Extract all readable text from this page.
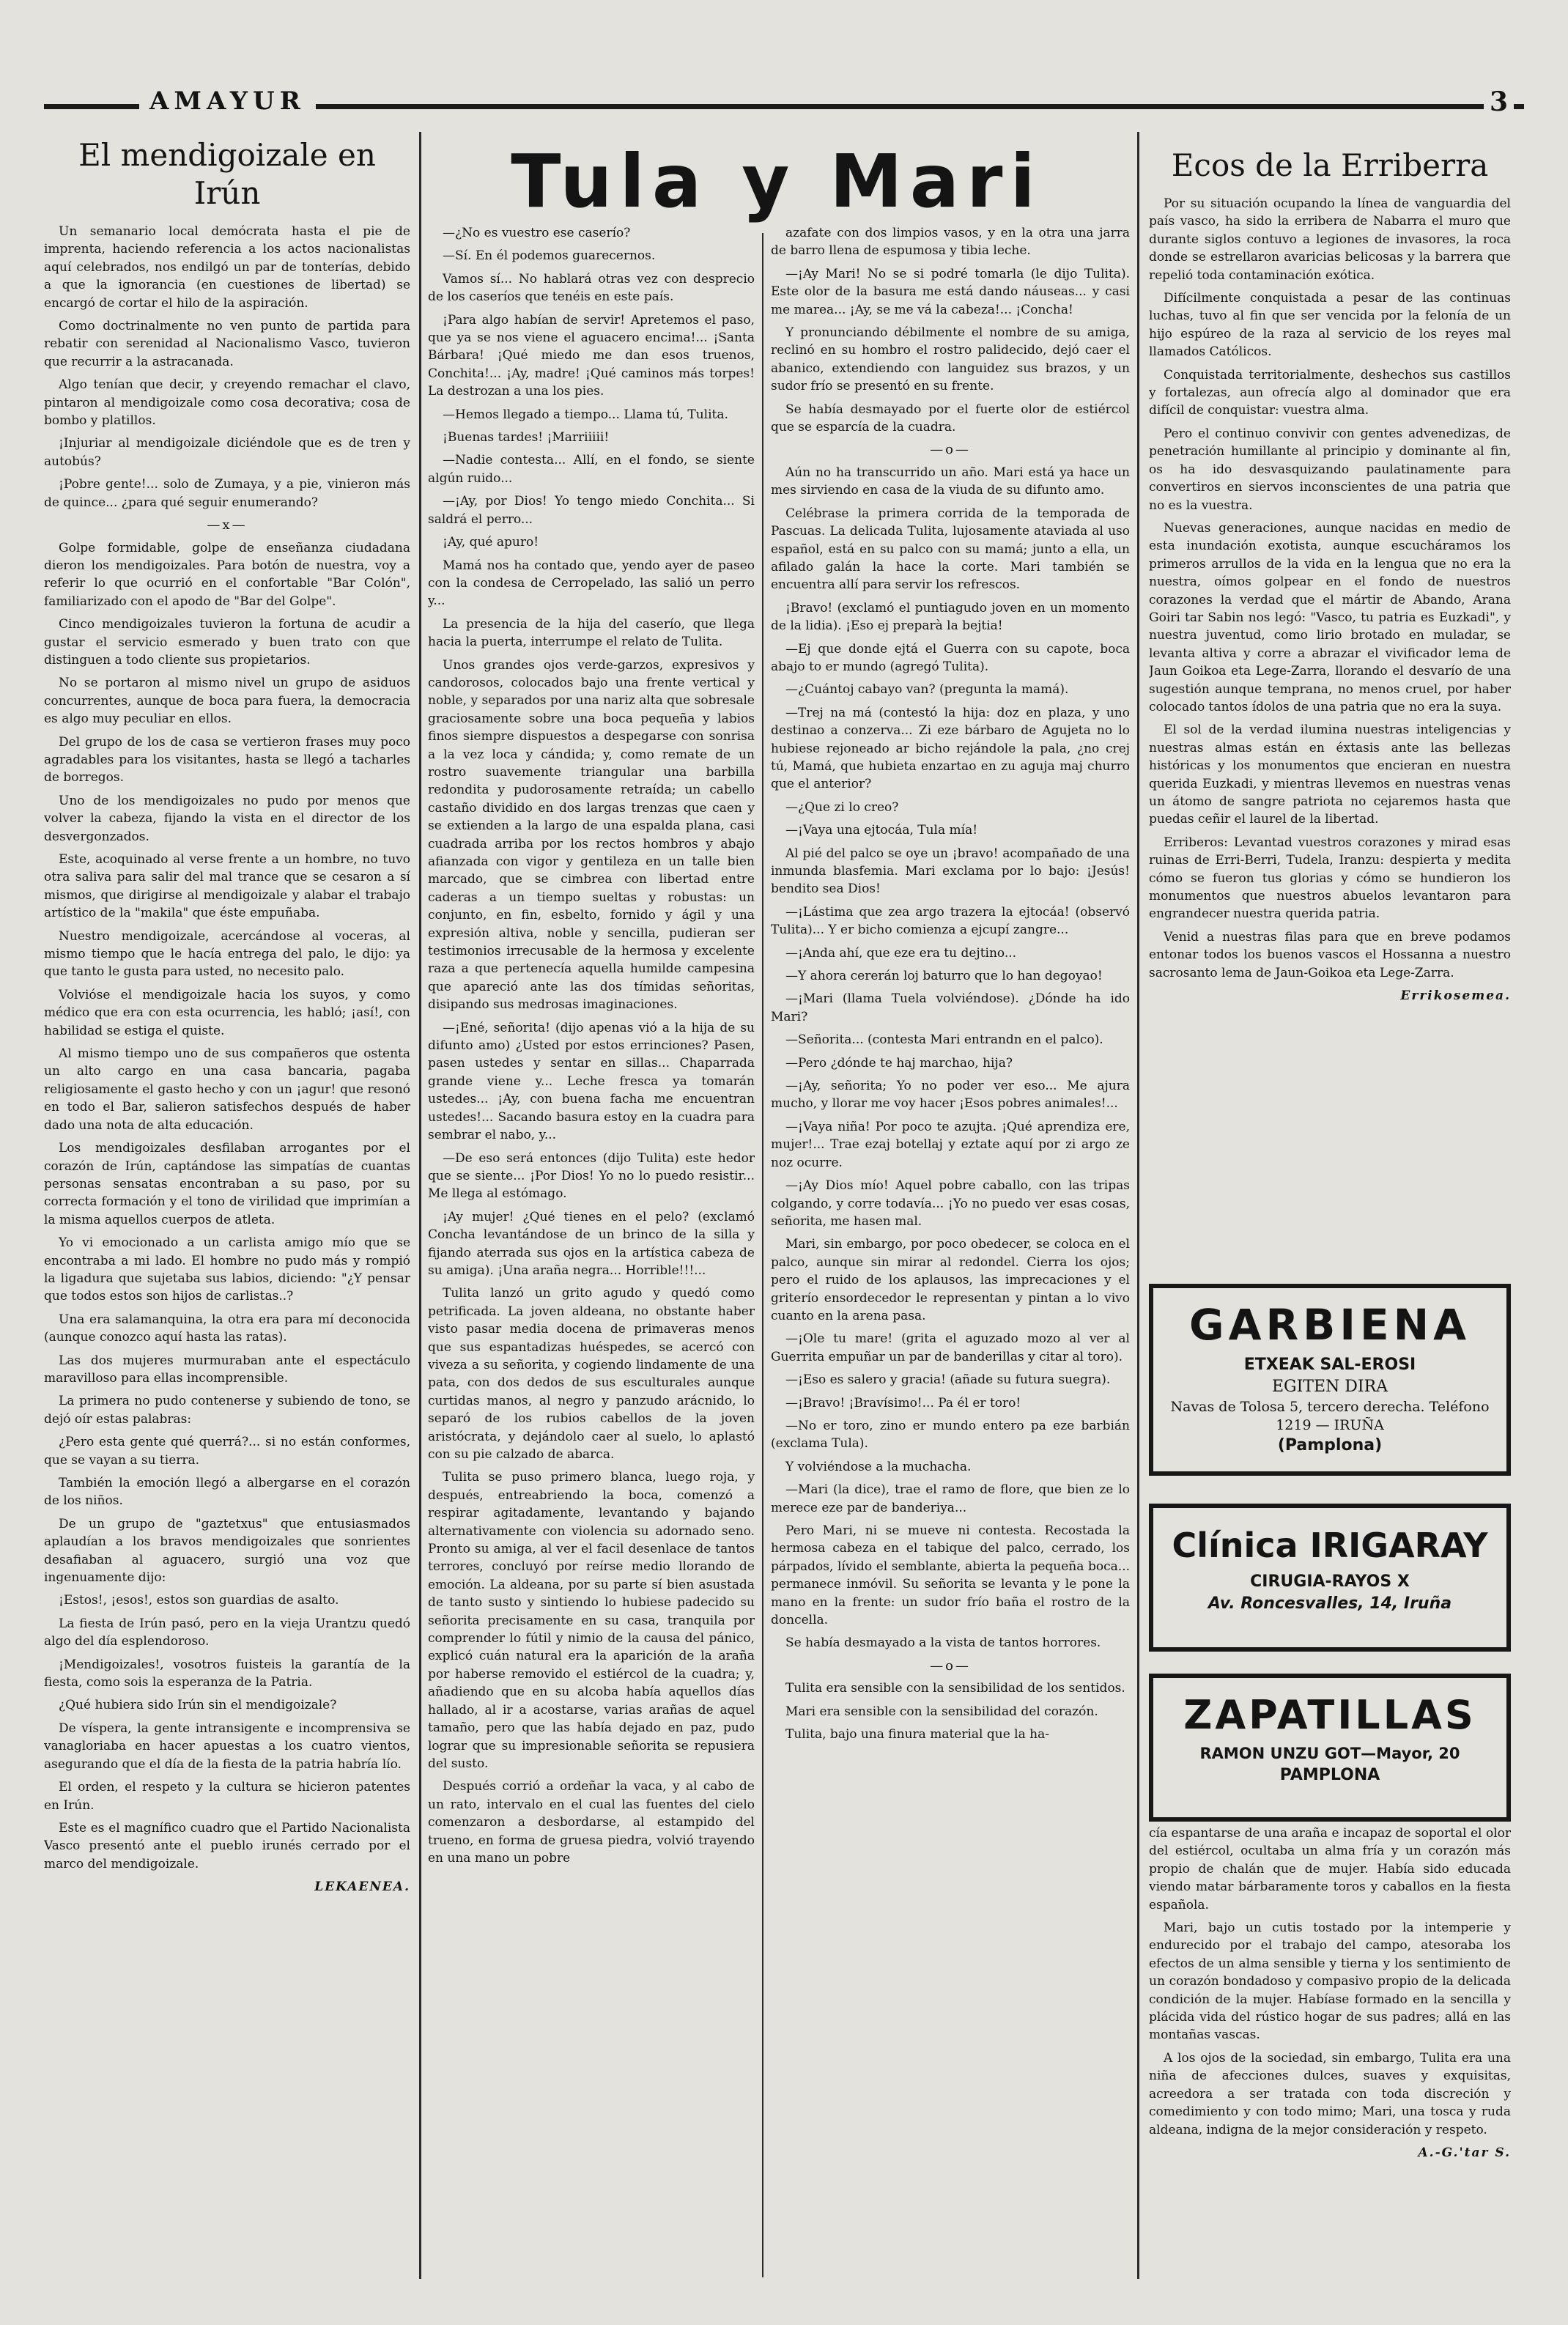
AMAYUR	3
El mendigoizale en Irún

Un semanario local demócrata hasta el pie de imprenta, haciendo referencia a los actos nacionalistas aquí celebrados, nos endilgó un par de tonterías, debido a que la ignorancia (en cuestiones de libertad) se encargó de cortar el hilo de la aspiración.

Como doctrinalmente no ven punto de partida para rebatir con serenidad al Nacionalismo Vasco, tuvieron que recurrir a la astracanada.

Algo tenían que decir, y creyendo remachar el clavo, pintaron al mendigoizale como cosa decorativa; cosa de bombo y platillos.

¡Injuriar al mendigoizale diciéndole que es de tren y autobús?

¡Pobre gente!... solo de Zumaya, y a pie, vinieron más de quince... ¿para qué seguir enumerando?

—x—

Golpe formidable, golpe de enseñanza ciudadana dieron los mendigoizales. Para botón de nuestra, voy a referir lo que ocurrió en el confortable "Bar Colón", familiarizado con el apodo de "Bar del Golpe".

Cinco mendigoizales tuvieron la fortuna de acudir a gustar el servicio esmerado y buen trato con que distinguen a todo cliente sus propietarios.

No se portaron al mismo nivel un grupo de asiduos concurrentes, aunque de boca para fuera, la democracia es algo muy peculiar en ellos.

Del grupo de los de casa se vertieron frases muy poco agradables para los visitantes, hasta se llegó a tacharles de borregos.

Uno de los mendigoizales no pudo por menos que volver la cabeza, fijando la vista en el director de los desvergonzados.

Este, acoquinado al verse frente a un hombre, no tuvo otra saliva para salir del mal trance que se cesaron a sí mismos, que dirigirse al mendigoizale y alabar el trabajo artístico de la "makila" que éste empuñaba.

Nuestro mendigoizale, acercándose al voceras, al mismo tiempo que le hacía entrega del palo, le dijo: ya que tanto le gusta para usted, no necesito palo.

Volvióse el mendigoizale hacia los suyos, y como médico que era con esta ocurrencia, les habló; ¡así!, con habilidad se estiga el quiste.

Al mismo tiempo uno de sus compañeros que ostenta un alto cargo en una casa bancaria, pagaba religiosamente el gasto hecho y con un ¡agur! que resonó en todo el Bar, salieron satisfechos después de haber dado una nota de alta educación.

Los mendigoizales desfilaban arrogantes por el corazón de Irún, captándose las simpatías de cuantas personas sensatas encontraban a su paso, por su correcta formación y el tono de virilidad que imprimían a la misma aquellos cuerpos de atleta.

Yo vi emocionado a un carlista amigo mío que se encontraba a mi lado. El hombre no pudo más y rompió la ligadura que sujetaba sus labios, diciendo: "¿Y pensar que todos estos son hijos de carlistas..?

Una era salamanquina, la otra era para mí deconocida (aunque conozco aquí hasta las ratas).

Las dos mujeres murmuraban ante el espectáculo maravilloso para ellas incomprensible.

La primera no pudo contenerse y subiendo de tono, se dejó oír estas palabras:

¿Pero esta gente qué querrá?... si no están conformes, que se vayan a su tierra.

También la emoción llegó a albergarse en el corazón de los niños.

De un grupo de "gaztetxus" que entusiasmados aplaudían a los bravos mendigoizales que sonrientes desafiaban al aguacero, surgió una voz que ingenuamente dijo:

¡Estos!, ¡esos!, estos son guardias de asalto.

La fiesta de Irún pasó, pero en la vieja Urantzu quedó algo del día esplendoroso.

¡Mendigoizales!, vosotros fuisteis la garantía de la fiesta, como sois la esperanza de la Patria.

¿Qué hubiera sido Irún sin el mendigoizale?

De víspera, la gente intransigente e incomprensiva se vanagloriaba en hacer apuestas a los cuatro vientos, asegurando que el día de la fiesta de la patria habría lío.

El orden, el respeto y la cultura se hicieron patentes en Irún.

Este es el magnífico cuadro que el Partido Nacionalista Vasco presentó ante el pueblo irunés cerrado por el marco del mendigoizale.

LEKAENEA.

Tula y Mari

—¿No es vuestro ese caserío?

—Sí. En él podemos guarecernos.

Vamos sí... No hablará otras vez con desprecio de los caseríos que tenéis en este país.

¡Para algo habían de servir! Apretemos el paso, que ya se nos viene el aguacero encima!... ¡Santa Bárbara! ¡Qué miedo me dan esos truenos, Conchita!... ¡Ay, madre! ¡Qué caminos más torpes! La destrozan a una los pies.

—Hemos llegado a tiempo... Llama tú, Tulita.

¡Buenas tardes! ¡Marriiiii!

—Nadie contesta... Allí, en el fondo, se siente algún ruido...

—¡Ay, por Dios! Yo tengo miedo Conchita... Si saldrá el perro...

¡Ay, qué apuro!

Mamá nos ha contado que, yendo ayer de paseo con la condesa de Cerropelado, las salió un perro y...

La presencia de la hija del caserío, que llega hacia la puerta, interrumpe el relato de Tulita.

Unos grandes ojos verde-garzos, expresivos y candorosos, colocados bajo una frente vertical y noble, y separados por una nariz alta que sobresale graciosamente sobre una boca pequeña y labios finos siempre dispuestos a despegarse con sonrisa a la vez loca y cándida; y, como remate de un rostro suavemente triangular una barbilla redondita y pudorosamente retraída; un cabello castaño dividido en dos largas trenzas que caen y se extienden a la largo de una espalda plana, casi cuadrada arriba por los rectos hombros y abajo afianzada con vigor y gentileza en un talle bien marcado, que se cimbrea con libertad entre caderas a un tiempo sueltas y robustas: un conjunto, en fin, esbelto, fornido y ágil y una expresión altiva, noble y sencilla, pudieran ser testimonios irrecusable de la hermosa y excelente raza a que pertenecía aquella humilde campesina que apareció ante las dos tímidas señoritas, disipando sus medrosas imaginaciones.

—¡Ené, señorita! (dijo apenas vió a la hija de su difunto amo) ¿Usted por estos errinciones? Pasen, pasen ustedes y sentar en sillas... Chaparrada grande viene y... Leche fresca ya tomarán ustedes... ¡Ay, con buena facha me encuentran ustedes!... Sacando basura estoy en la cuadra para sembrar el nabo, y...

—De eso será entonces (dijo Tulita) este hedor que se siente... ¡Por Dios! Yo no lo puedo resistir... Me llega al estómago.

¡Ay mujer! ¿Qué tienes en el pelo? (exclamó Concha levantándose de un brinco de la silla y fijando aterrada sus ojos en la artística cabeza de su amiga). ¡Una araña negra... Horrible!!!...

Tulita lanzó un grito agudo y quedó como petrificada. La joven aldeana, no obstante haber visto pasar media docena de primaveras menos que sus espantadizas huéspedes, se acercó con viveza a su señorita, y cogiendo lindamente de una pata, con dos dedos de sus esculturales aunque curtidas manos, al negro y panzudo arácnido, lo separó de los rubios cabellos de la joven aristócrata, y dejándolo caer al suelo, lo aplastó con su pie calzado de abarca.

Tulita se puso primero blanca, luego roja, y después, entreabriendo la boca, comenzó a respirar agitadamente, levantando y bajando alternativamente con violencia su adornado seno. Pronto su amiga, al ver el facil desenlace de tantos terrores, concluyó por reírse medio llorando de emoción. La aldeana, por su parte sí bien asustada de tanto susto y sintiendo lo hubiese padecido su señorita precisamente en su casa, tranquila por comprender lo fútil y nimio de la causa del pánico, explicó cuán natural era la aparición de la araña por haberse removido el estiércol de la cuadra; y, añadiendo que en su alcoba había aquellos días hallado, al ir a acostarse, varias arañas de aquel tamaño, pero que las había dejado en paz, pudo lograr que su impresionable señorita se repusiera del susto.

Después corrió a ordeñar la vaca, y al cabo de un rato, intervalo en el cual las fuentes del cielo comenzaron a desbordarse, al estampido del trueno, en forma de gruesa piedra, volvió trayendo en una mano un pobre

azafate con dos limpios vasos, y en la otra una jarra de barro llena de espumosa y tibia leche.

—¡Ay Mari! No se si podré tomarla (le dijo Tulita). Este olor de la basura me está dando náuseas... y casi me marea... ¡Ay, se me vá la cabeza!... ¡Concha!

Y pronunciando débilmente el nombre de su amiga, reclinó en su hombro el rostro palidecido, dejó caer el abanico, extendiendo con languidez sus brazos, y un sudor frío se presentó en su frente.

Se había desmayado por el fuerte olor de estiércol que se esparcía de la cuadra.

—o—

Aún no ha transcurrido un año. Mari está ya hace un mes sirviendo en casa de la viuda de su difunto amo.

Celébrase la primera corrida de la temporada de Pascuas. La delicada Tulita, lujosamente ataviada al uso español, está en su palco con su mamá; junto a ella, un afilado galán la hace la corte. Mari también se encuentra allí para servir los refrescos.

¡Bravo! (exclamó el puntiagudo joven en un momento de la lidia). ¡Eso ej preparà la bejtia!

—Ej que donde ejtá el Guerra con su capote, boca abajo to er mundo (agregó Tulita).

—¿Cuántoj cabayo van? (pregunta la mamá).

—Trej na má (contestó la hija: doz en plaza, y uno destinao a conzerva... Zi eze bárbaro de Agujeta no lo hubiese rejoneado ar bicho rejándole la pala, ¿no crej tú, Mamá, que hubieta enzartao en zu aguja maj churro que el anterior?

—¿Que zi lo creo?

—¡Vaya una ejtocáa, Tula mía!

Al pié del palco se oye un ¡bravo! acompañado de una inmunda blasfemia. Mari exclama por lo bajo: ¡Jesús! bendito sea Dios!

—¡Lástima que zea argo trazera la ejtocáa! (observó Tulita)... Y er bicho comienza a ejcupí zangre...

—¡Anda ahí, que eze era tu dejtino...

—Y ahora cererán loj baturro que lo han degoyao!

—¡Mari (llama Tuela volviéndose). ¿Dónde ha ido Mari?

—Señorita... (contesta Mari entrandn en el palco).

—Pero ¿dónde te haj marchao, hija?

—¡Ay, señorita; Yo no poder ver eso... Me ajura mucho, y llorar me voy hacer ¡Esos pobres animales!...

—¡Vaya niña! Por poco te azujta. ¡Qué aprendiza ere, mujer!... Trae ezaj botellaj y eztate aquí por zi argo ze noz ocurre.

—¡Ay Dios mío! Aquel pobre caballo, con las tripas colgando, y corre todavía... ¡Yo no puedo ver esas cosas, señorita, me hasen mal.

Mari, sin embargo, por poco obedecer, se coloca en el palco, aunque sin mirar al redondel. Cierra los ojos; pero el ruido de los aplausos, las imprecaciones y el griterío ensordecedor le representan y pintan a lo vivo cuanto en la arena pasa.

—¡Ole tu mare! (grita el aguzado mozo al ver al Guerrita empuñar un par de banderillas y citar al toro).

—¡Eso es salero y gracia! (añade su futura suegra).

—¡Bravo! ¡Bravísimo!... Pa él er toro!

—No er toro, zino er mundo entero pa eze barbián (exclama Tula).

Y volviéndose a la muchacha.

—Mari (la dice), trae el ramo de flore, que bien ze lo merece eze par de banderiya...

Pero Mari, ni se mueve ni contesta. Recostada la hermosa cabeza en el tabique del palco, cerrado, los párpados, lívido el semblante, abierta la pequeña boca... permanece inmóvil. Su señorita se levanta y le pone la mano en la frente: un sudor frío baña el rostro de la doncella.

Se había desmayado a la vista de tantos horrores.

—o—

Tulita era sensible con la sensibilidad de los sentidos.

Mari era sensible con la sensibilidad del corazón.

Tulita, bajo una finura material que la ha-

Ecos de la Erriberra

Por su situación ocupando la línea de vanguardia del país vasco, ha sido la erribera de Nabarra el muro que durante siglos contuvo a legiones de invasores, la roca donde se estrellaron avaricias belicosas y la barrera que repelió toda contaminación exótica.

Difícilmente conquistada a pesar de las continuas luchas, tuvo al fin que ser vencida por la felonía de un hijo espúreo de la raza al servicio de los reyes mal llamados Católicos.

Conquistada territorialmente, deshechos sus castillos y fortalezas, aun ofrecía algo al dominador que era difícil de conquistar: vuestra alma.

Pero el continuo convivir con gentes advenedizas, de penetración humillante al principio y dominante al fin, os ha ido desvasquizando paulatinamente para convertiros en siervos inconscientes de una patria que no es la vuestra.

Nuevas generaciones, aunque nacidas en medio de esta inundación exotista, aunque escucháramos los primeros arrullos de la vida en la lengua que no era la nuestra, oímos golpear en el fondo de nuestros corazones la verdad que el mártir de Abando, Arana Goiri tar Sabin nos legó: "Vasco, tu patria es Euzkadi", y nuestra juventud, como lirio brotado en muladar, se levanta altiva y corre a abrazar el vivificador lema de Jaun Goikoa eta Lege-Zarra, llorando el desvarío de una sugestión aunque temprana, no menos cruel, por haber colocado tantos ídolos de una patria que no era la suya.

El sol de la verdad ilumina nuestras inteligencias y nuestras almas están en éxtasis ante las bellezas históricas y los monumentos que encieran en nuestra querida Euzkadi, y mientras llevemos en nuestras venas un átomo de sangre patriota no cejaremos hasta que puedas ceñir el laurel de la libertad.

Erriberos: Levantad vuestros corazones y mirad esas ruinas de Erri-Berri, Tudela, Iranzu: despierta y medita cómo se fueron tus glorias y cómo se hundieron los monumentos que nuestros abuelos levantaron para engrandecer nuestra querida patria.

Venid a nuestras filas para que en breve podamos entonar todos los buenos vascos el Hossanna a nuestro sacrosanto lema de Jaun-Goikoa eta Lege-Zarra.

Errikosemea.

GARBIENA
ETXEAK SAL-EROSI
EGITEN DIRA
Navas de Tolosa 5, tercero derecha. Teléfono 1219 — IRUÑA
(Pamplona)
Clínica IRIGARAY
CIRUGIA-RAYOS X
Av. Roncesvalles, 14, Iruña
ZAPATILLAS
RAMON UNZU GOT—Mayor, 20
PAMPLONA

cía espantarse de una araña e incapaz de soportal el olor del estiércol, ocultaba un alma fría y un corazón más propio de chalán que de mujer. Había sido educada viendo matar bárbaramente toros y caballos en la fiesta española.

Mari, bajo un cutis tostado por la intemperie y endurecido por el trabajo del campo, atesoraba los efectos de un alma sensible y tierna y los sentimiento de un corazón bondadoso y compasivo propio de la delicada condición de la mujer. Habíase formado en la sencilla y plácida vida del rústico hogar de sus padres; allá en las montañas vascas.

A los ojos de la sociedad, sin embargo, Tulita era una niña de afecciones dulces, suaves y exquisitas, acreedora a ser tratada con toda discreción y comedimiento y con todo mimo; Mari, una tosca y ruda aldeana, indigna de la mejor consideración y respeto.

A.-G.'tar S.
